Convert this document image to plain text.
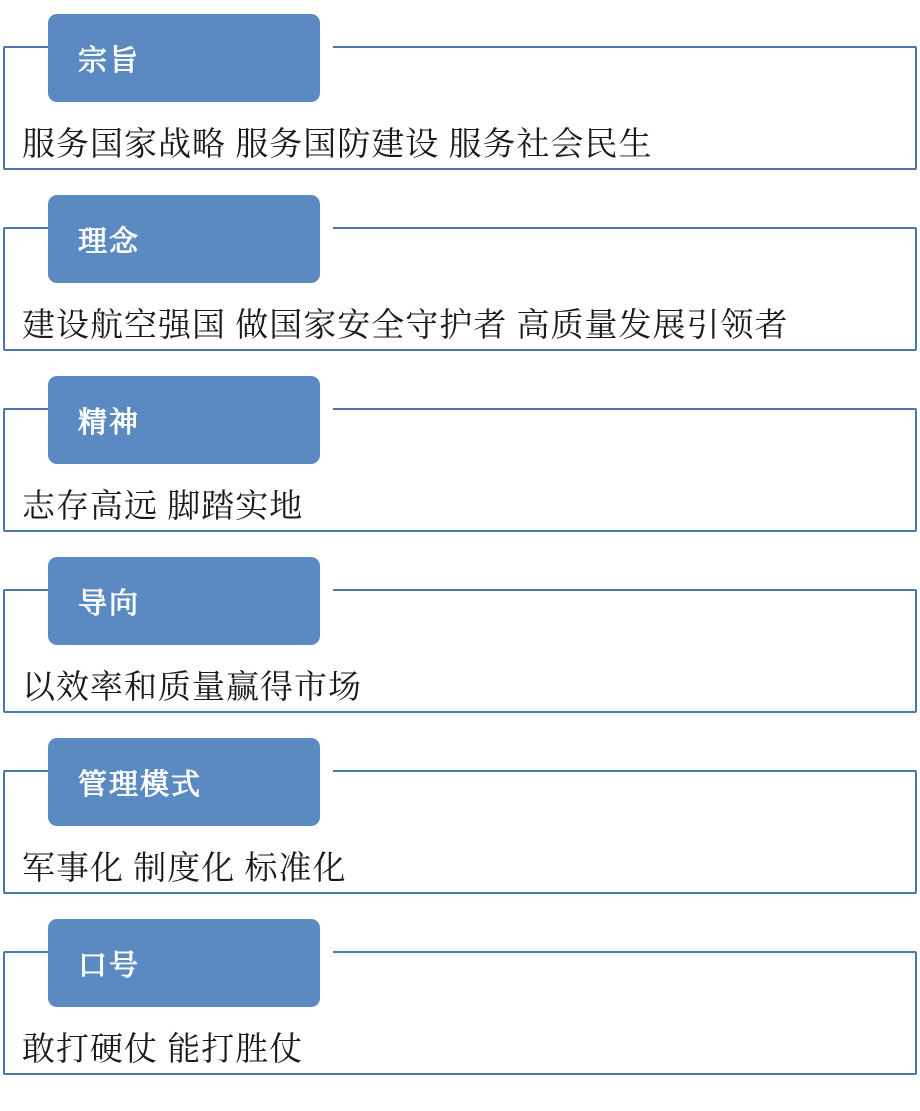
宗旨
服务国家战略 服务国防建设 服务社会民生
理念
建设航空强国 做国家安全守护者 高质量发展引领者
精神
志存高远 脚踏实地
导向
以效率和质量赢得市场
管理模式
军事化 制度化 标准化
口号
敢打硬仗 能打胜仗
